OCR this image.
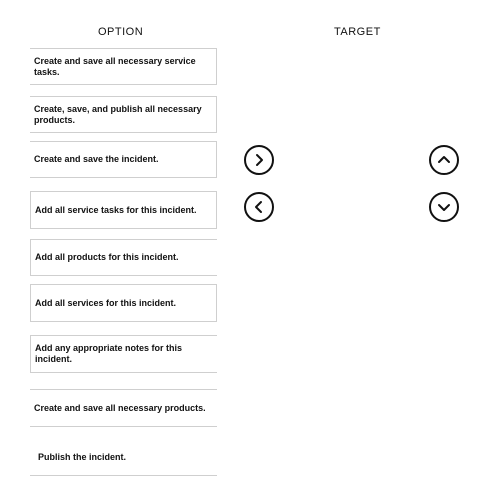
OPTION	TARGET
Create and save all necessary service tasks.
Create, save, and publish all necessary products.
Create and save the incident.
Add all service tasks for this incident.
Add all products for this incident.
Add all services for this incident.
Add any appropriate notes for this incident.
Create and save all necessary products.
Publish the incident.
